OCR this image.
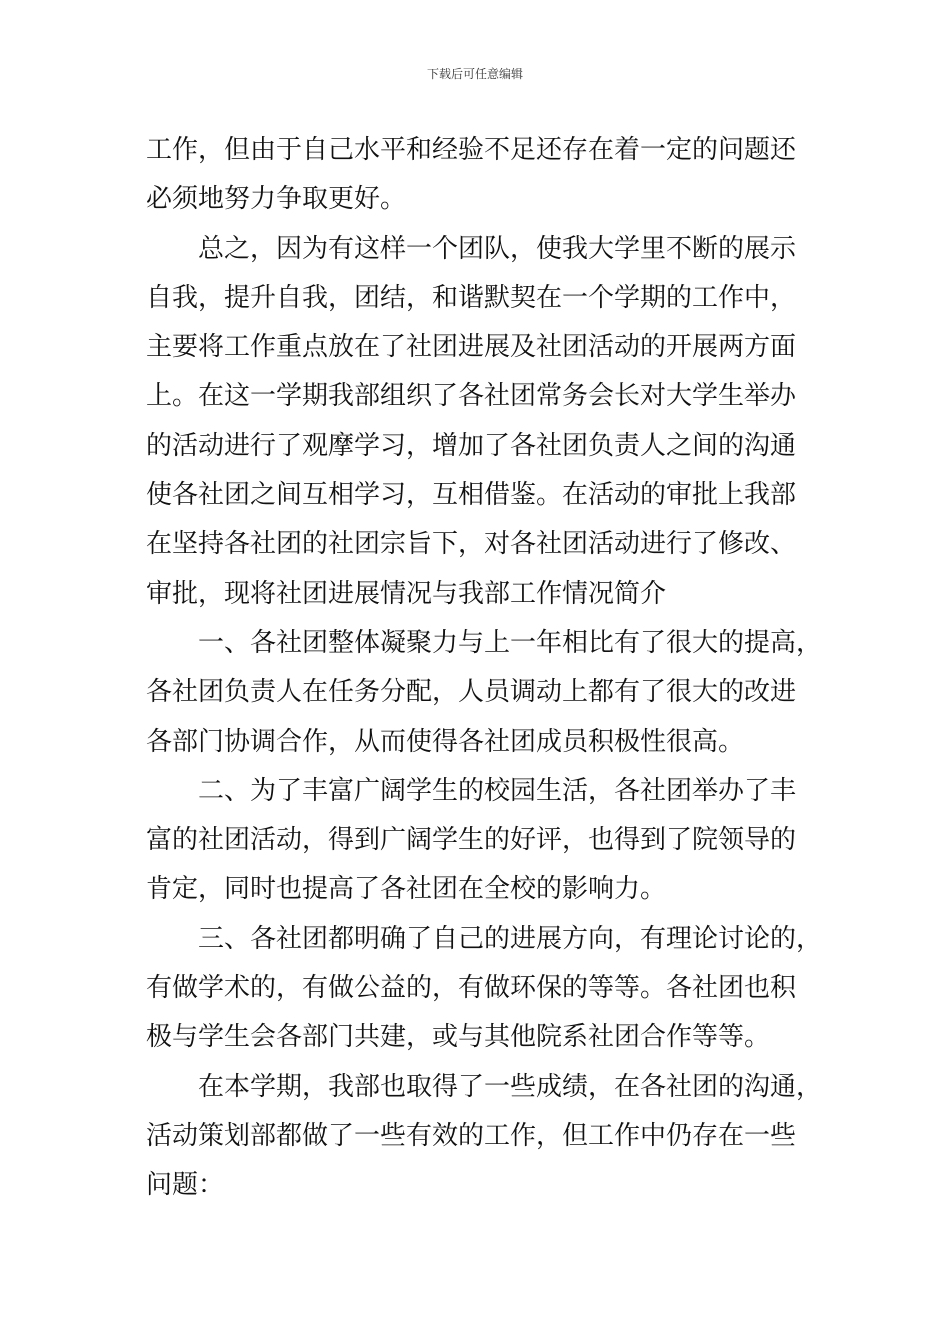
下载后可任意编辑
工作，但由于自己水平和经验不足还存在着一定的问题还
必须地努力争取更好。
　　总之，因为有这样一个团队，使我大学里不断的展示
自我，提升自我，团结，和谐默契在一个学期的工作中，
主要将工作重点放在了社团进展及社团活动的开展两方面
上。在这一学期我部组织了各社团常务会长对大学生举办
的活动进行了观摩学习，增加了各社团负责人之间的沟通
使各社团之间互相学习，互相借鉴。在活动的审批上我部
在坚持各社团的社团宗旨下，对各社团活动进行了修改、
审批，现将社团进展情况与我部工作情况简介
　　一、各社团整体凝聚力与上一年相比有了很大的提高，
各社团负责人在任务分配，人员调动上都有了很大的改进
各部门协调合作，从而使得各社团成员积极性很高。
　　二、为了丰富广阔学生的校园生活，各社团举办了丰
富的社团活动，得到广阔学生的好评，也得到了院领导的
肯定，同时也提高了各社团在全校的影响力。
　　三、各社团都明确了自己的进展方向，有理论讨论的，
有做学术的，有做公益的，有做环保的等等。各社团也积
极与学生会各部门共建，或与其他院系社团合作等等。
　　在本学期，我部也取得了一些成绩，在各社团的沟通，
活动策划部都做了一些有效的工作，但工作中仍存在一些
问题：
